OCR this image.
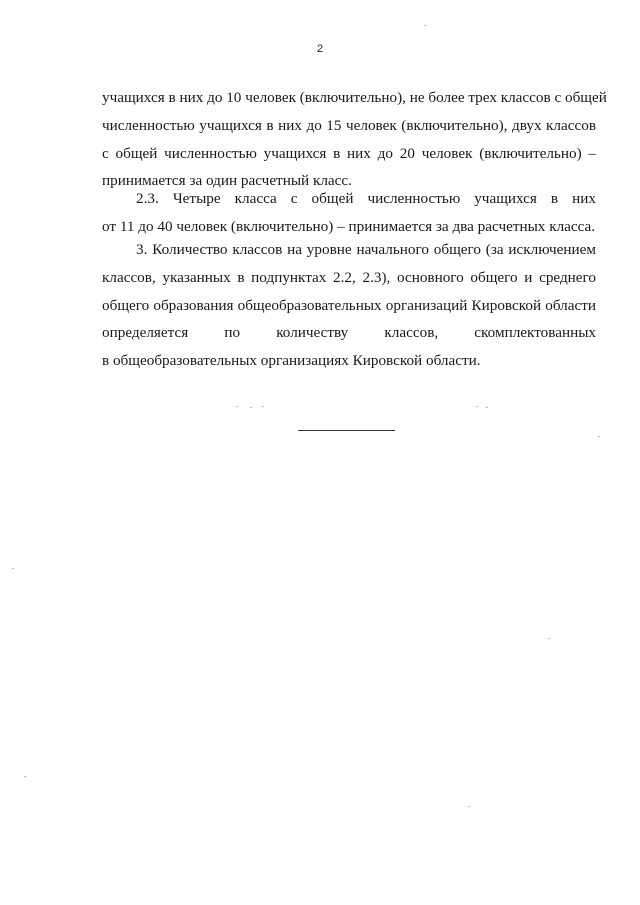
2
учащихся в них до 10 человек (включительно), не более трех классов с общей
численностью учащихся в них до 15 человек (включительно), двух классов
с общей численностью учащихся в них до 20 человек (включительно) –
принимается за один расчетный класс.
2.3. Четыре класса с общей численностью учащихся в них
от 11 до 40 человек (включительно) – принимается за два расчетных класса.
3. Количество классов на уровне начального общего (за исключением
классов, указанных в подпунктах 2.2, 2.3), основного общего и среднего
общего образования общеобразовательных организаций Кировской области
определяется по количеству классов, скомплектованных
в общеобразовательных организациях Кировской области.
